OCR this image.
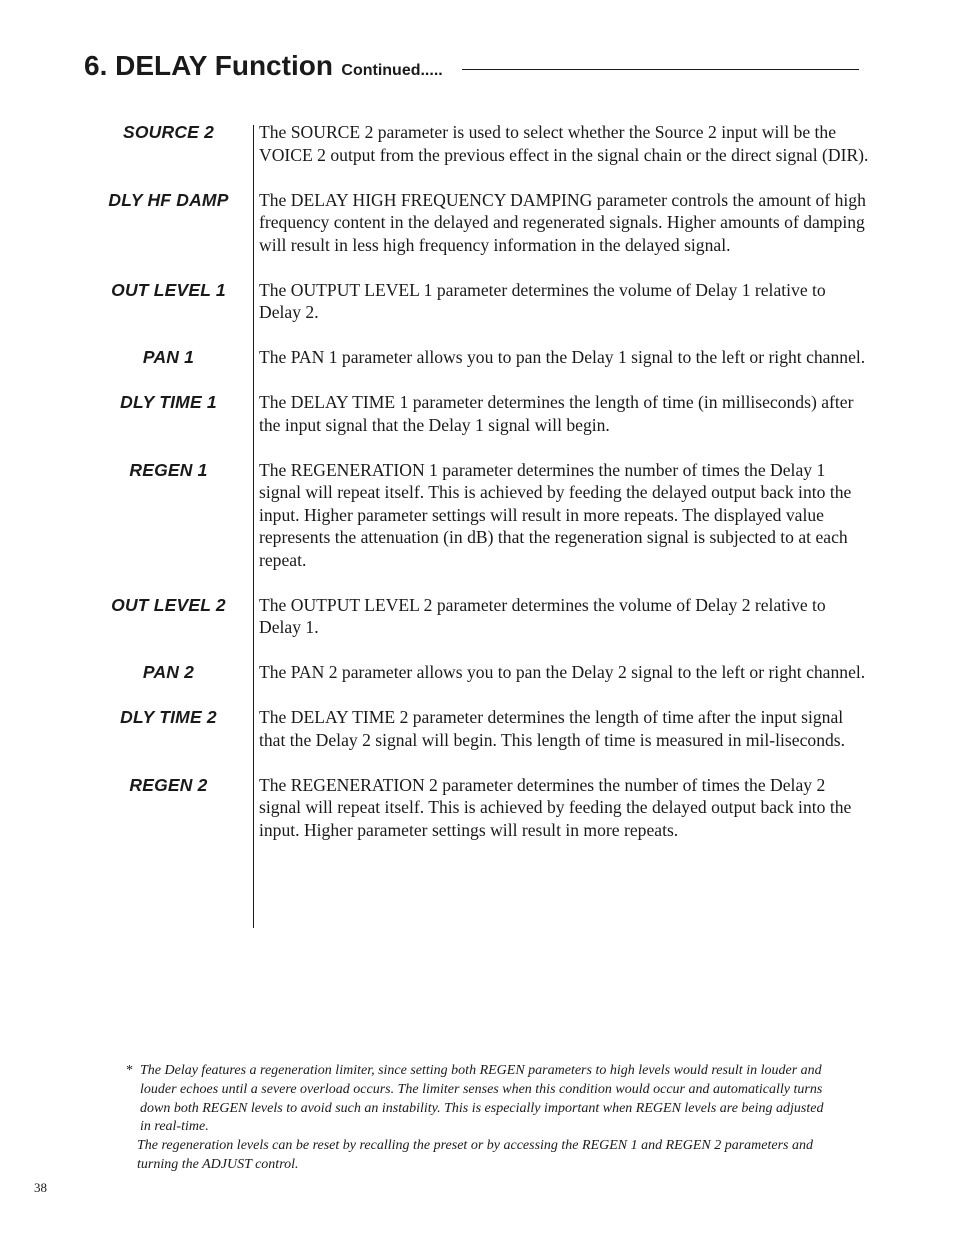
6. DELAY Function Continued.....
SOURCE 2	The SOURCE 2 parameter is used to select whether the Source 2 input will be the VOICE 2 output from the previous effect in the signal chain or the direct signal (DIR).
DLY HF DAMP	The DELAY HIGH FREQUENCY DAMPING parameter controls the amount of high frequency content in the delayed and regenerated signals. Higher amounts of damping will result in less high frequency information in the delayed signal.
OUT LEVEL 1	The OUTPUT LEVEL 1 parameter determines the volume of Delay 1 relative to Delay 2.
PAN 1	The PAN 1 parameter allows you to pan the Delay 1 signal to the left or right channel.
DLY TIME 1	The DELAY TIME 1 parameter determines the length of time (in milliseconds) after the input signal that the Delay 1 signal will begin.
REGEN 1	The REGENERATION 1 parameter determines the number of times the Delay 1 signal will repeat itself. This is achieved by feeding the delayed output back into the input. Higher parameter settings will result in more repeats. The displayed value represents the attenuation (in dB) that the regeneration signal is subjected to at each repeat.
OUT LEVEL 2	The OUTPUT LEVEL 2 parameter determines the volume of Delay 2 relative to Delay 1.
PAN 2	The PAN 2 parameter allows you to pan the Delay 2 signal to the left or right channel.
DLY TIME 2	The DELAY TIME 2 parameter determines the length of time after the input signal that the Delay 2 signal will begin. This length of time is measured in mil-liseconds.
REGEN 2	The REGENERATION 2 parameter determines the number of times the Delay 2 signal will repeat itself. This is achieved by feeding the delayed output back into the input. Higher parameter settings will result in more repeats.
* The Delay features a regeneration limiter, since setting both REGEN parameters to high levels would result in louder and louder echoes until a severe overload occurs. The limiter senses when this condition would occur and automatically turns down both REGEN levels to avoid such an instability. This is especially important when REGEN levels are being adjusted in real-time.
The regeneration levels can be reset by recalling the preset or by accessing the REGEN 1 and REGEN 2 parameters and turning the ADJUST control.
38
